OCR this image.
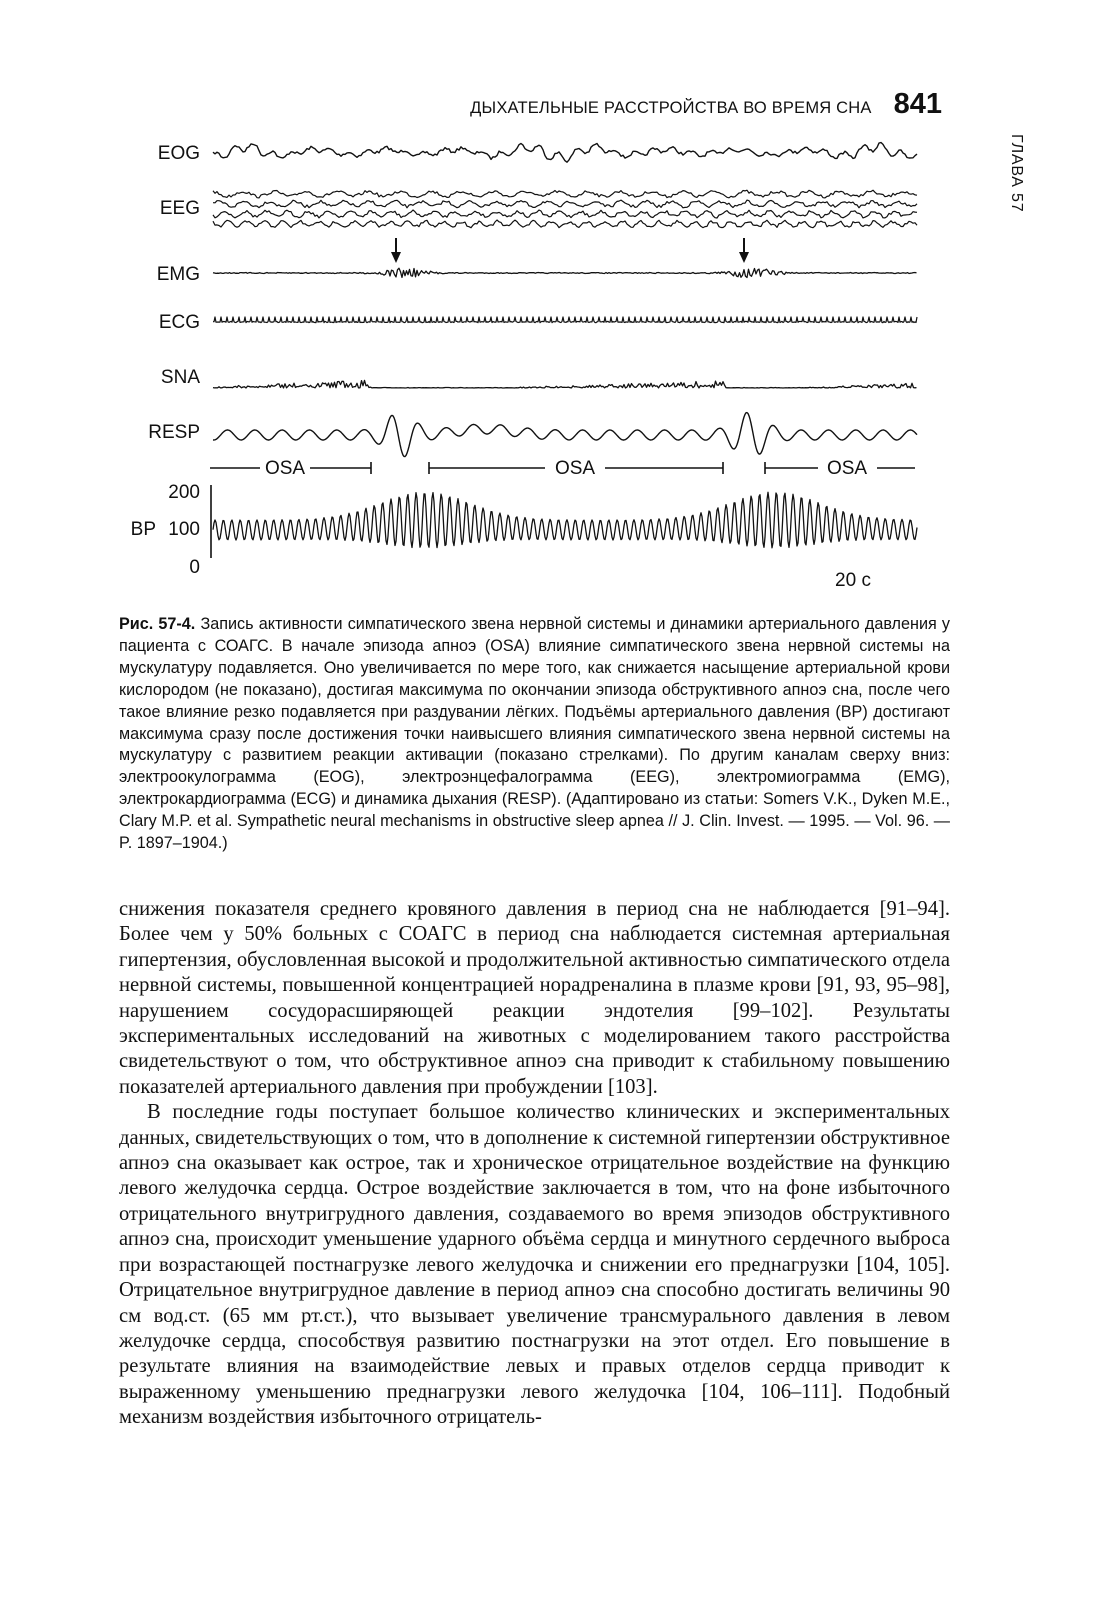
ДЫХАТЕЛЬНЫЕ РАССТРОЙСТВА ВО ВРЕМЯ СНА 841
ГЛАВА 57
EOG
EEG
EMG
ECG
SNA
RESP
OSA	OSA	OSA
200
BP 100
0
20 с
Рис. 57-4. Запись активности симпатического звена нервной системы и динамики артериального давления у пациента с СОАГС. В начале эпизода апноэ (OSA) влияние симпатического звена нервной системы на мускулатуру подавляется. Оно увеличивается по мере того, как снижается насыщение артериальной крови кислородом (не показано), достигая максимума по окончании эпизода обструктивного апноэ сна, после чего такое влияние резко подавляется при раздувании лёгких. Подъёмы артериального давления (BP) достигают максимума сразу после достижения точки наивысшего влияния симпатического звена нервной системы на мускулатуру с развитием реакции активации (показано стрелками). По другим каналам сверху вниз: электроокулограмма (EOG), электроэнцефалограмма (EEG), электромиограмма (EMG), электрокардиограмма (ECG) и динамика дыхания (RESP). (Адаптировано из статьи: Somers V.K., Dyken M.E., Clary M.P. et al. Sympathetic neural mechanisms in obstructive sleep apnea // J. Clin. Invest. — 1995. — Vol. 96. — P. 1897–1904.)

снижения показателя среднего кровяного давления в период сна не наблюдается [91–94]. Более чем у 50% больных с СОАГС в период сна наблюдается системная артериальная гипертензия, обусловленная высокой и продолжительной активностью симпатического отдела нервной системы, повышенной концентрацией норадреналина в плазме крови [91, 93, 95–98], нарушением сосудорасширяющей реакции эндотелия [99–102]. Результаты экспериментальных исследований на животных с моделированием такого расстройства свидетельствуют о том, что обструктивное апноэ сна приводит к стабильному повышению показателей артериального давления при пробуждении [103].

В последние годы поступает большое количество клинических и экспериментальных данных, свидетельствующих о том, что в дополнение к системной гипертензии обструктивное апноэ сна оказывает как острое, так и хроническое отрицательное воздействие на функцию левого желудочка сердца. Острое воздействие заключается в том, что на фоне избыточного отрицательного внутригрудного давления, создаваемого во время эпизодов обструктивного апноэ сна, происходит уменьшение ударного объёма сердца и минутного сердечного выброса при возрастающей постнагрузке левого желудочка и снижении его преднагрузки [104, 105]. Отрицательное внутригрудное давление в период апноэ сна способно достигать величины 90 см вод.ст. (65 мм рт.ст.), что вызывает увеличение трансмурального давления в левом желудочке сердца, способствуя развитию постнагрузки на этот отдел. Его повышение в результате влияния на взаимодействие левых и правых отделов сердца приводит к выраженному уменьшению преднагрузки левого желудочка [104, 106–111]. Подобный механизм воздействия избыточного отрицатель-
